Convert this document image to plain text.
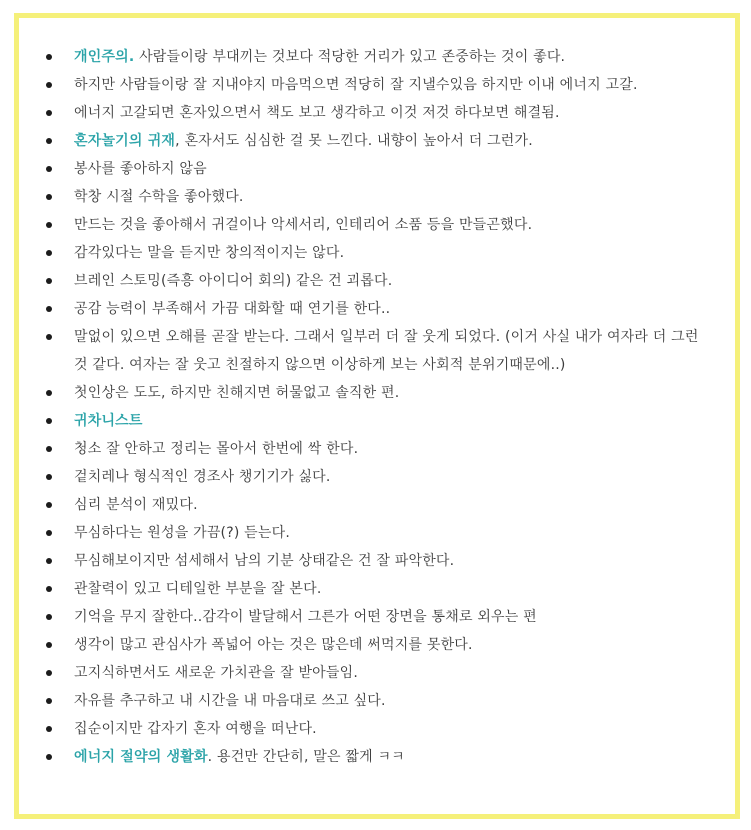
개인주의. 사람들이랑 부대끼는 것보다 적당한 거리가 있고 존중하는 것이 좋다.
하지만 사람들이랑 잘 지내야지 마음먹으면 적당히 잘 지낼수있음 하지만 이내 에너지 고갈.
에너지 고갈되면 혼자있으면서 책도 보고 생각하고 이것 저것 하다보면 해결됨.
혼자놀기의 귀재, 혼자서도 심심한 걸 못 느낀다. 내향이 높아서 더 그런가.
봉사를 좋아하지 않음
학창 시절 수학을 좋아했다.
만드는 것을 좋아해서 귀걸이나 악세서리, 인테리어 소품 등을 만들곤했다.
감각있다는 말을 듣지만 창의적이지는 않다.
브레인 스토밍(즉흥 아이디어 회의) 같은 건 괴롭다.
공감 능력이 부족해서 가끔 대화할 때 연기를 한다..
말없이 있으면 오해를 곧잘 받는다. 그래서 일부러 더 잘 웃게 되었다. (이거 사실 내가 여자라 더 그런 것 같다. 여자는 잘 웃고 친절하지 않으면 이상하게 보는 사회적 분위기때문에..)
첫인상은 도도, 하지만 친해지면 허물없고 솔직한 편.
귀차니스트
청소 잘 안하고 정리는 몰아서 한번에 싹 한다.
겉치레나 형식적인 경조사 챙기기가 싫다.
심리 분석이 재밌다.
무심하다는 원성을 가끔(?) 듣는다.
무심해보이지만 섬세해서 남의 기분 상태같은 건 잘 파악한다.
관찰력이 있고 디테일한 부분을 잘 본다.
기억을 무지 잘한다..감각이 발달해서 그른가 어떤 장면을 통채로 외우는 편
생각이 많고 관심사가 폭넓어 아는 것은 많은데 써먹지를 못한다.
고지식하면서도 새로운 가치관을 잘 받아들임.
자유를 추구하고 내 시간을 내 마음대로 쓰고 싶다.
집순이지만 갑자기 혼자 여행을 떠난다.
에너지 절약의 생활화. 용건만 간단히, 말은 짧게 ㅋㅋ
